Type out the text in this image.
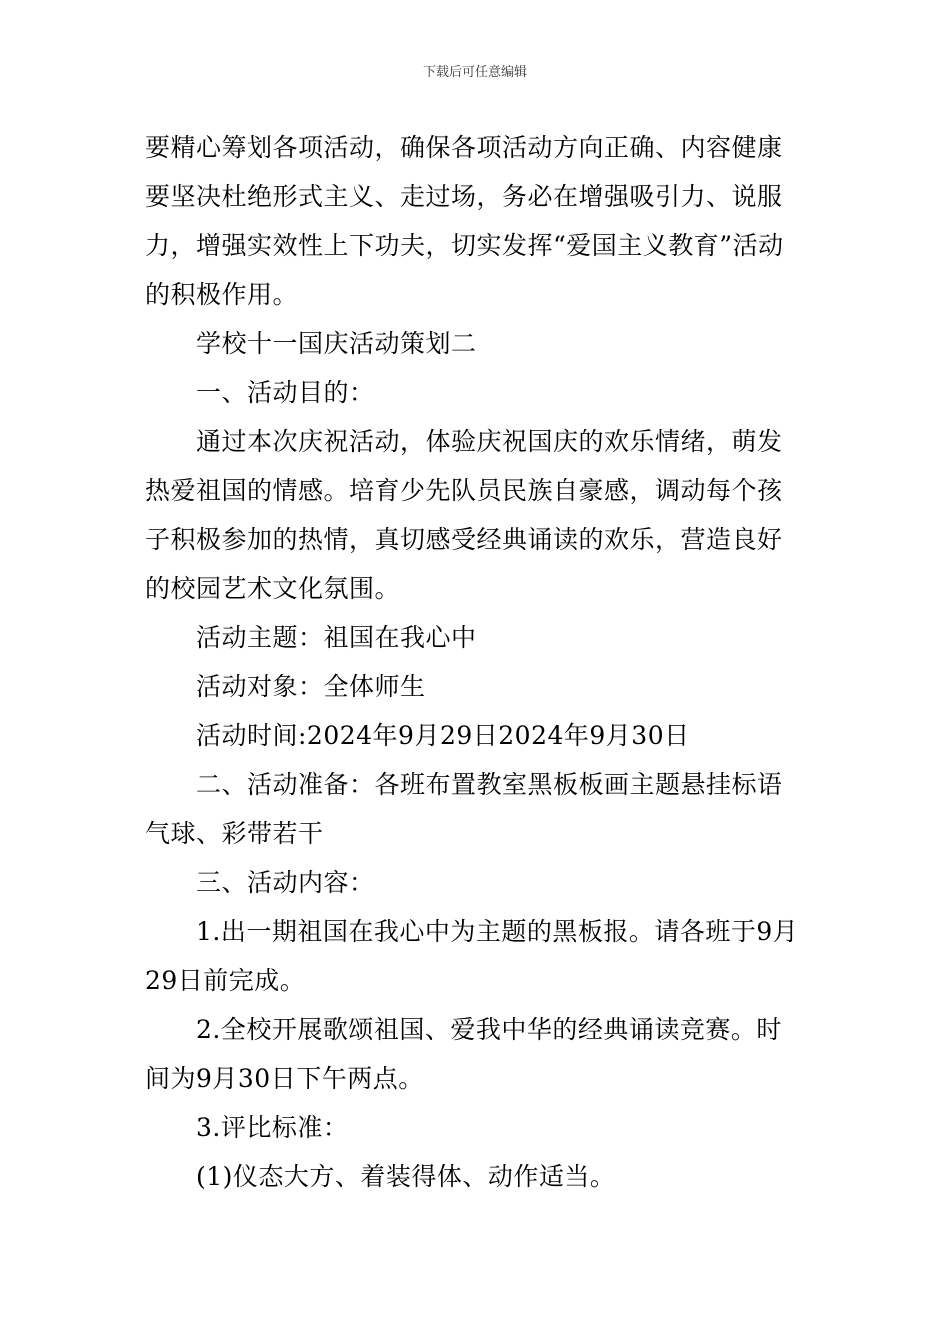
下载后可任意编辑

要精心筹划各项活动，确保各项活动方向正确、内容健康要坚决杜绝形式主义、走过场，务必在增强吸引力、说服力，增强实效性上下功夫，切实发挥“爱国主义教育”活动的积极作用。

学校十一国庆活动策划二

一、活动目的：

通过本次庆祝活动，体验庆祝国庆的欢乐情绪，萌发热爱祖国的情感。培育少先队员民族自豪感，调动每个孩子积极参加的热情，真切感受经典诵读的欢乐，营造良好的校园艺术文化氛围。

活动主题：祖国在我心中

活动对象：全体师生

活动时间:2024年9月29日2024年9月30日

二、活动准备：各班布置教室黑板板画主题悬挂标语气球、彩带若干

三、活动内容：

1.出一期祖国在我心中为主题的黑板报。请各班于9月29日前完成。

2.全校开展歌颂祖国、爱我中华的经典诵读竞赛。时间为9月30日下午两点。

3.评比标准：

(1)仪态大方、着装得体、动作适当。
